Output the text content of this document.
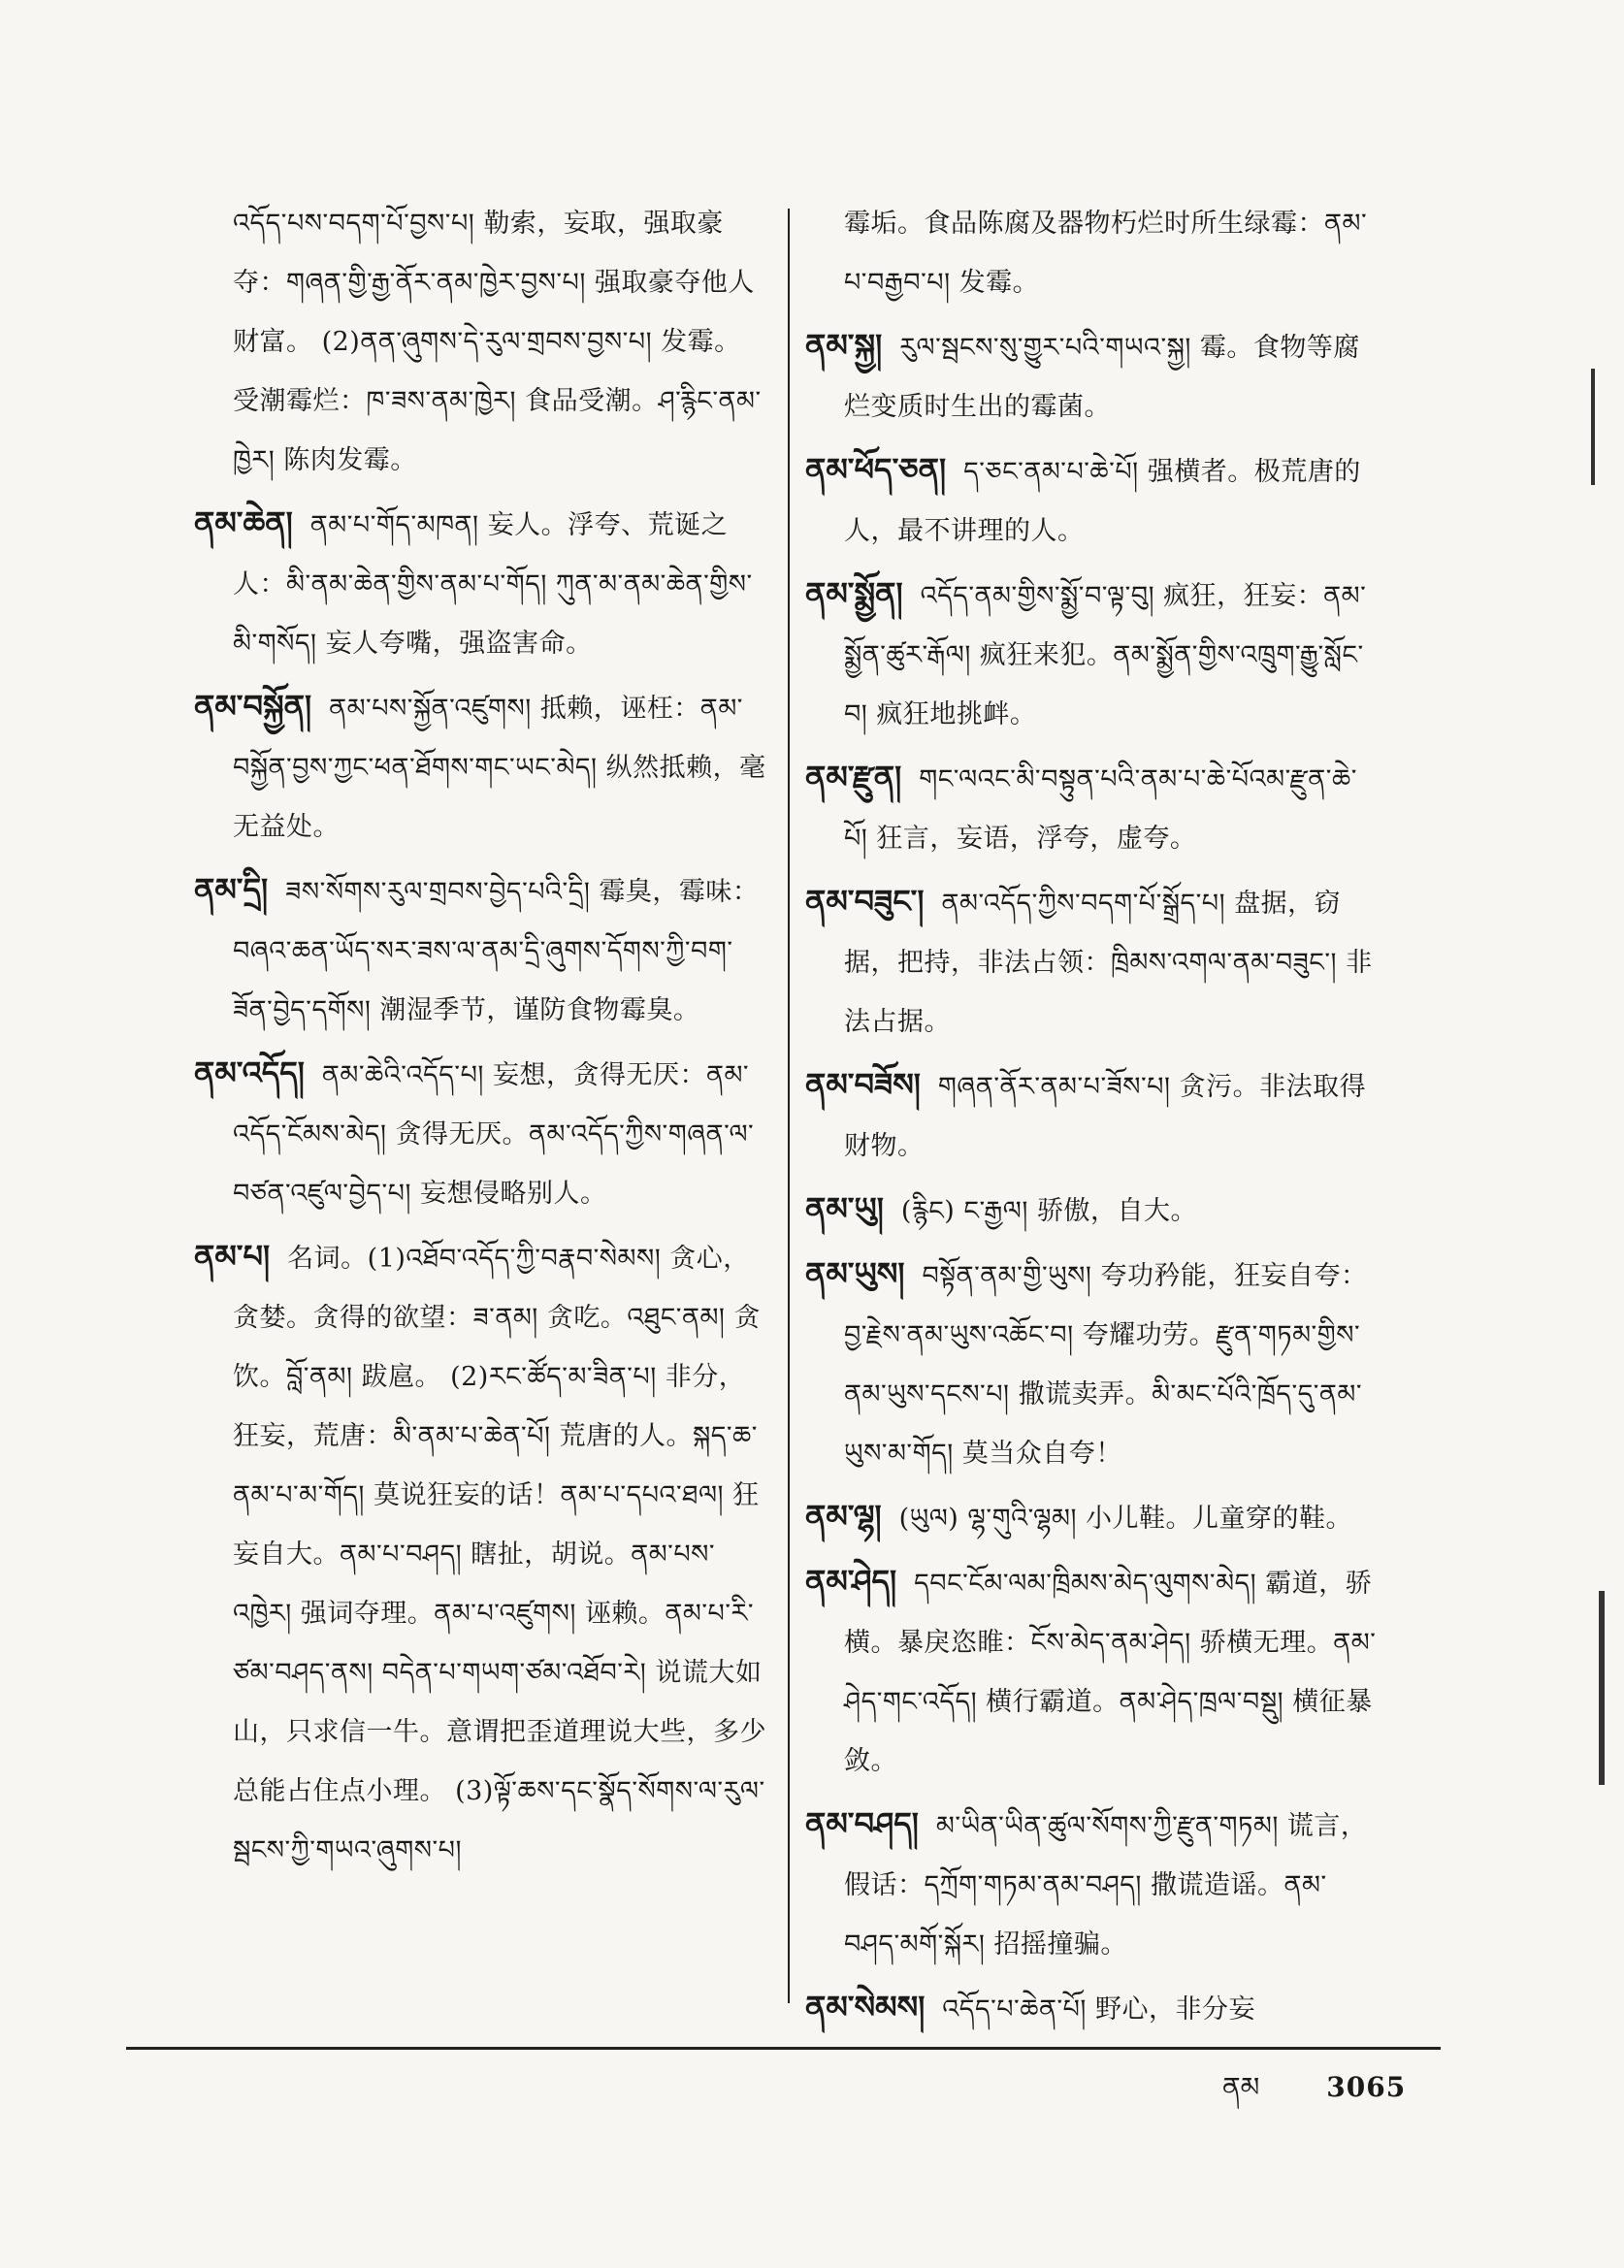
འདོད་པས་བདག་པོ་བྱས་པ། 勒索，妄取，强取豪夺：གཞན་གྱི་རྒྱ་ནོར་ནམ་ཁྱེར་བྱས་པ། 强取豪夺他人财富。 (2)ནན་ཞུགས་དེ་རུལ་གྲབས་བྱས་པ། 发霉。受潮霉烂：ཁ་ཟས་ནམ་ཁྱེར། 食品受潮。ཤ་རྙིང་ནམ་ཁྱེར། 陈肉发霉。
ནམ་ཆེན། ནམ་པ་གོད་མཁན། 妄人。浮夸、荒诞之人：མི་ནམ་ཆེན་གྱིས་ནམ་པ་གོད། ཀུན་མ་ནམ་ཆེན་གྱིས་མི་གསོད། 妄人夸嘴，强盗害命。
ནམ་བསྐྱོན། ནམ་པས་སྐྱོན་འཛུགས། 抵赖，诬枉：ནམ་བསྐྱོན་བྱས་ཀྱང་ཕན་ཐོགས་གང་ཡང་མེད། 纵然抵赖，毫无益处。
ནམ་དྲི། ཟས་སོགས་རུལ་གྲབས་བྱེད་པའི་དྲི། 霉臭，霉味：བཞའ་ཆན་ཡོད་སར་ཟས་ལ་ནམ་དྲི་ཞུགས་དོགས་ཀྱི་བག་ཟོན་བྱེད་དགོས། 潮湿季节，谨防食物霉臭。
ནམ་འདོད། ནམ་ཆེའི་འདོད་པ། 妄想，贪得无厌：ནམ་འདོད་ངོམས་མེད། 贪得无厌。ནམ་འདོད་ཀྱིས་གཞན་ལ་བཙན་འཛུལ་བྱེད་པ། 妄想侵略别人。
ནམ་པ། 名词。(1)འཐོབ་འདོད་ཀྱི་བརྣབ་སེམས། 贪心，贪婪。贪得的欲望：ཟ་ནམ། 贪吃。འཐུང་ནམ། 贪饮。བློ་ནམ། 跋扈。 (2)རང་ཚོད་མ་ཟིན་པ། 非分，狂妄，荒唐：མི་ནམ་པ་ཆེན་པོ། 荒唐的人。སྐད་ཆ་ནམ་པ་མ་གོད། 莫说狂妄的话！ནམ་པ་དཔའ་ཐལ། 狂妄自大。ནམ་པ་བཤད། 瞎扯，胡说。ནམ་པས་འཁྱེར། 强词夺理。ནམ་པ་འཛུགས། 诬赖。ནམ་པ་རི་ཙམ་བཤད་ནས། བདེན་པ་གཡག་ཙམ་འཐོབ་རེ། 说谎大如山，只求信一牛。意谓把歪道理说大些，多少总能占住点小理。 (3)ལྟོ་ཆས་དང་སྣོད་སོགས་ལ་རུལ་སྦངས་ཀྱི་གཡའ་ཞུགས་པ།
霉垢。食品陈腐及器物朽烂时所生绿霉：ནམ་པ་བརྒྱབ་པ། 发霉。
ནམ་སྐྱ། རུལ་སྦངས་སུ་གྱུར་པའི་གཡའ་སྐྱ། 霉。食物等腐烂变质时生出的霉菌。
ནམ་ཕོད་ཅན། ད་ཅང་ནམ་པ་ཆེ་པོ། 强横者。极荒唐的人，最不讲理的人。
ནམ་སྨྱོན། འདོད་ནམ་གྱིས་སྨྱོ་བ་ལྟ་བུ། 疯狂，狂妄：ནམ་སྨྱོན་ཚུར་རྒོལ། 疯狂来犯。ནམ་སྨྱོན་གྱིས་འཁྲུག་རྒྱུ་སློང་བ། 疯狂地挑衅。
ནམ་རྫུན། གང་ལའང་མི་བསྟུན་པའི་ནམ་པ་ཆེ་པོའམ་རྫུན་ཆེ་པོ། 狂言，妄语，浮夸，虚夸。
ནམ་བཟུང་། ནམ་འདོད་ཀྱིས་བདག་པོ་སྒྲོད་པ། 盘据，窃据，把持，非法占领：ཁྲིམས་འགལ་ནམ་བཟུང་། 非法占据。
ནམ་བཟོས། གཞན་ནོར་ནམ་པ་ཟོས་པ། 贪污。非法取得财物。
ནམ་ཡུ། (རྙིང) ང་རྒྱལ། 骄傲，自大。
ནམ་ཡུས། བསྟོན་ནམ་གྱི་ཡུས། 夸功矜能，狂妄自夸：བྱ་རྗེས་ནམ་ཡུས་འཆོང་བ། 夸耀功劳。རྫུན་གཏམ་གྱིས་ནམ་ཡུས་དངས་པ། 撒谎卖弄。མི་མང་པོའི་ཁྲོད་དུ་ནམ་ཡུས་མ་གོད། 莫当众自夸！
ནམ་ལྷ། (ཡུལ) ལྷ་གུའི་ལྷམ། 小儿鞋。儿童穿的鞋。
ནམ་ཤེད། དབང་ངོམ་ལམ་ཁྲིམས་མེད་ལུགས་མེད། 霸道，骄横。暴戾恣睢：ངོས་མེད་ནམ་ཤེད། 骄横无理。ནམ་ཤེད་གང་འདོད། 横行霸道。ནམ་ཤེད་ཁྲལ་བསྡུ། 横征暴敛。
ནམ་བཤད། མ་ཡིན་ཡིན་ཚུལ་སོགས་ཀྱི་རྫུན་གཏམ། 谎言，假话：དཀྲོག་གཏམ་ནམ་བཤད། 撒谎造谣。ནམ་བཤད་མགོ་སྐོར། 招摇撞骗。
ནམ་སེམས། འདོད་པ་ཆེན་པོ། 野心，非分妄
ནམ 3065
